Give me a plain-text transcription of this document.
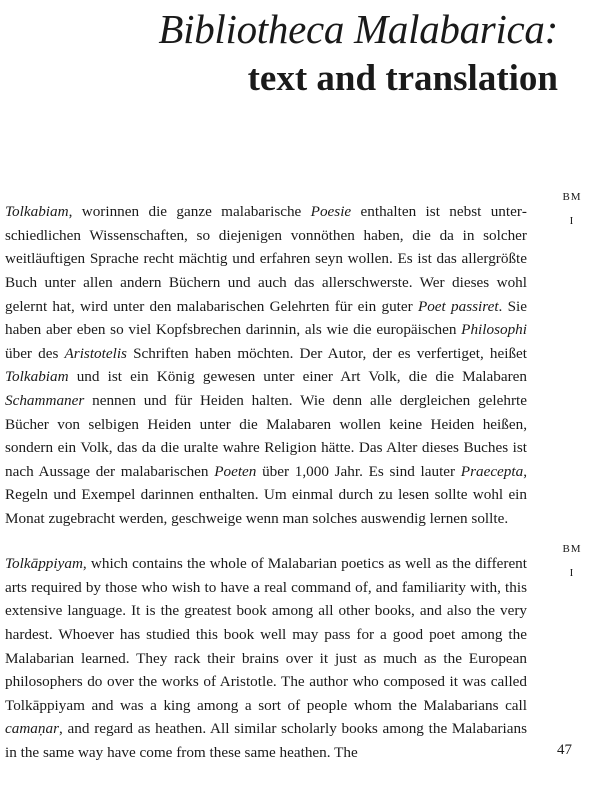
Bibliotheca Malabarica:
text and translation

Tolkabiam, worinnen die ganze malabarische Poesie enthalten ist nebst unterschiedlichen Wissenschaften, so diejenigen vonnöthen haben, die da in solcher weitläuftigen Sprache recht mächtig und erfahren seyn wollen. Es ist das allergrößte Buch unter allen andern Büchern und auch das allerschwerste. Wer dieses wohl gelernt hat, wird unter den malabarischen Gelehrten für ein guter Poet passiret. Sie haben aber eben so viel Kopfsbrechen darinnin, als wie die europäischen Philosophi über des Aristotelis Schriften haben möchten. Der Autor, der es verfertiget, heißet Tolkabiam und ist ein König gewesen unter einer Art Volk, die die Malabaren Schammaner nennen und für Heiden halten. Wie denn alle dergleichen gelehrte Bücher von selbigen Heiden unter die Malabaren wollen keine Heiden heißen, sondern ein Volk, das da die uralte wahre Religion hätte. Das Alter dieses Buches ist nach Aussage der malabarischen Poeten über 1,000 Jahr. Es sind lauter Praecepta, Regeln und Exempel darinnen enthalten. Um einmal durch zu lesen sollte wohl ein Monat zugebracht werden, geschweige wenn man solches auswendig lernen sollte.

BM
I

Tolkāppiyam, which contains the whole of Malabarian poetics as well as the different arts required by those who wish to have a real command of, and familiarity with, this extensive language. It is the greatest book among all other books, and also the very hardest. Whoever has studied this book well may pass for a good poet among the Malabarian learned. They rack their brains over it just as much as the European philosophers do over the works of Aristotle. The author who composed it was called Tolkāppiyam and was a king among a sort of people whom the Malabarians call camaṇar, and regard as heathen. All similar scholarly books among the Malabarians in the same way have come from these same heathen. The

BM
I
47
